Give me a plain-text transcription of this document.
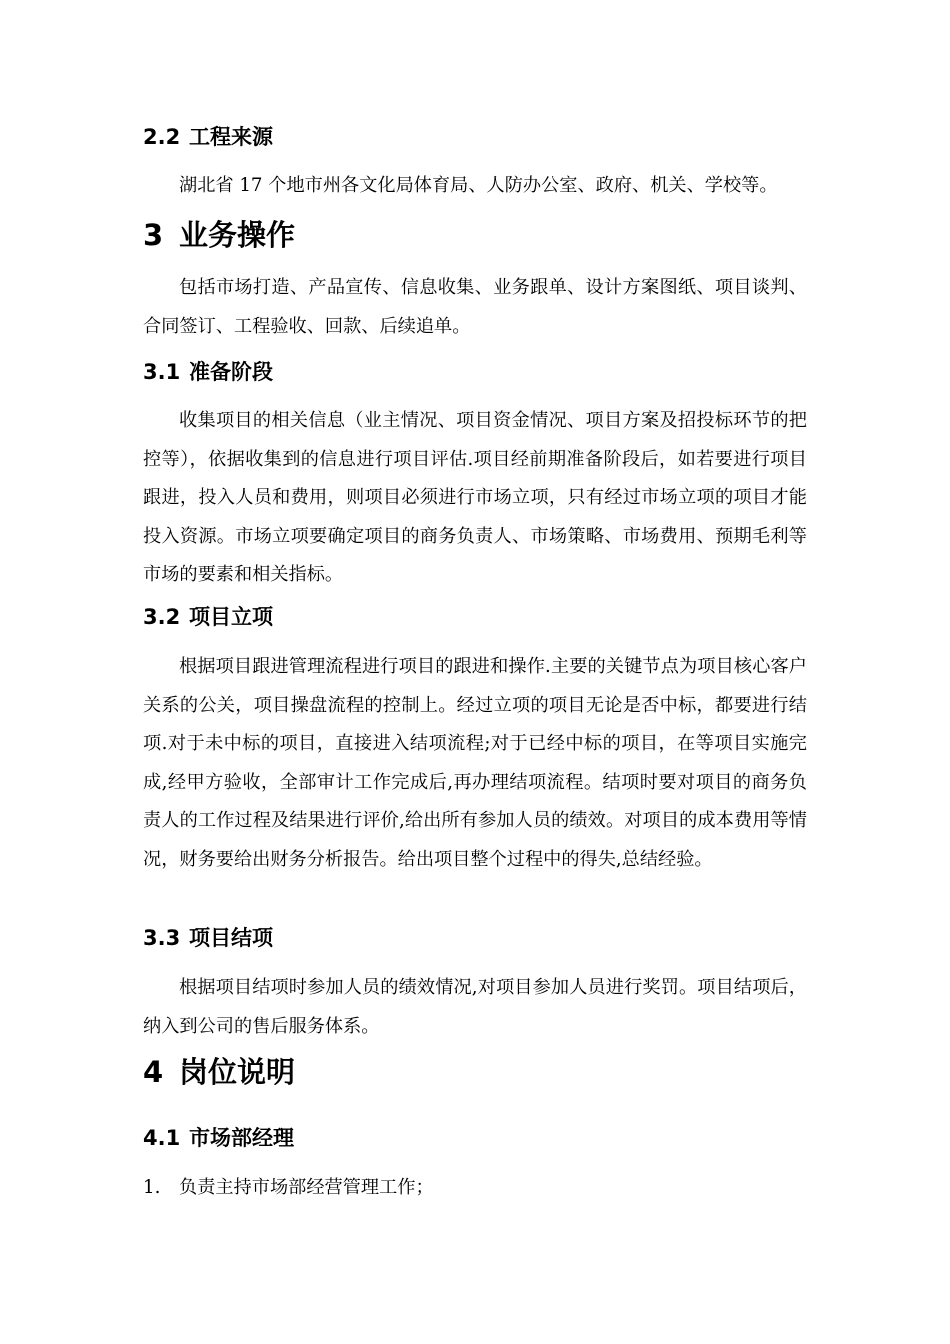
2.2 工程来源

湖北省 17 个地市州各文化局体育局、人防办公室、政府、机关、学校等。

3 业务操作

包括市场打造、产品宣传、信息收集、业务跟单、设计方案图纸、项目谈判、合同签订、工程验收、回款、后续追单。

3.1 准备阶段

收集项目的相关信息（业主情况、项目资金情况、项目方案及招投标环节的把控等），依据收集到的信息进行项目评估.项目经前期准备阶段后，如若要进行项目跟进，投入人员和费用，则项目必须进行市场立项，只有经过市场立项的项目才能投入资源。市场立项要确定项目的商务负责人、市场策略、市场费用、预期毛利等市场的要素和相关指标。

3.2 项目立项

根据项目跟进管理流程进行项目的跟进和操作.主要的关键节点为项目核心客户关系的公关，项目操盘流程的控制上。经过立项的项目无论是否中标，都要进行结项.对于未中标的项目，直接进入结项流程;对于已经中标的项目，在等项目实施完成,经甲方验收，全部审计工作完成后,再办理结项流程。结项时要对项目的商务负责人的工作过程及结果进行评价,给出所有参加人员的绩效。对项目的成本费用等情况，财务要给出财务分析报告。给出项目整个过程中的得失,总结经验。

3.3 项目结项

根据项目结项时参加人员的绩效情况,对项目参加人员进行奖罚。项目结项后，纳入到公司的售后服务体系。

4 岗位说明
4.1 市场部经理

1. 负责主持市场部经营管理工作；
